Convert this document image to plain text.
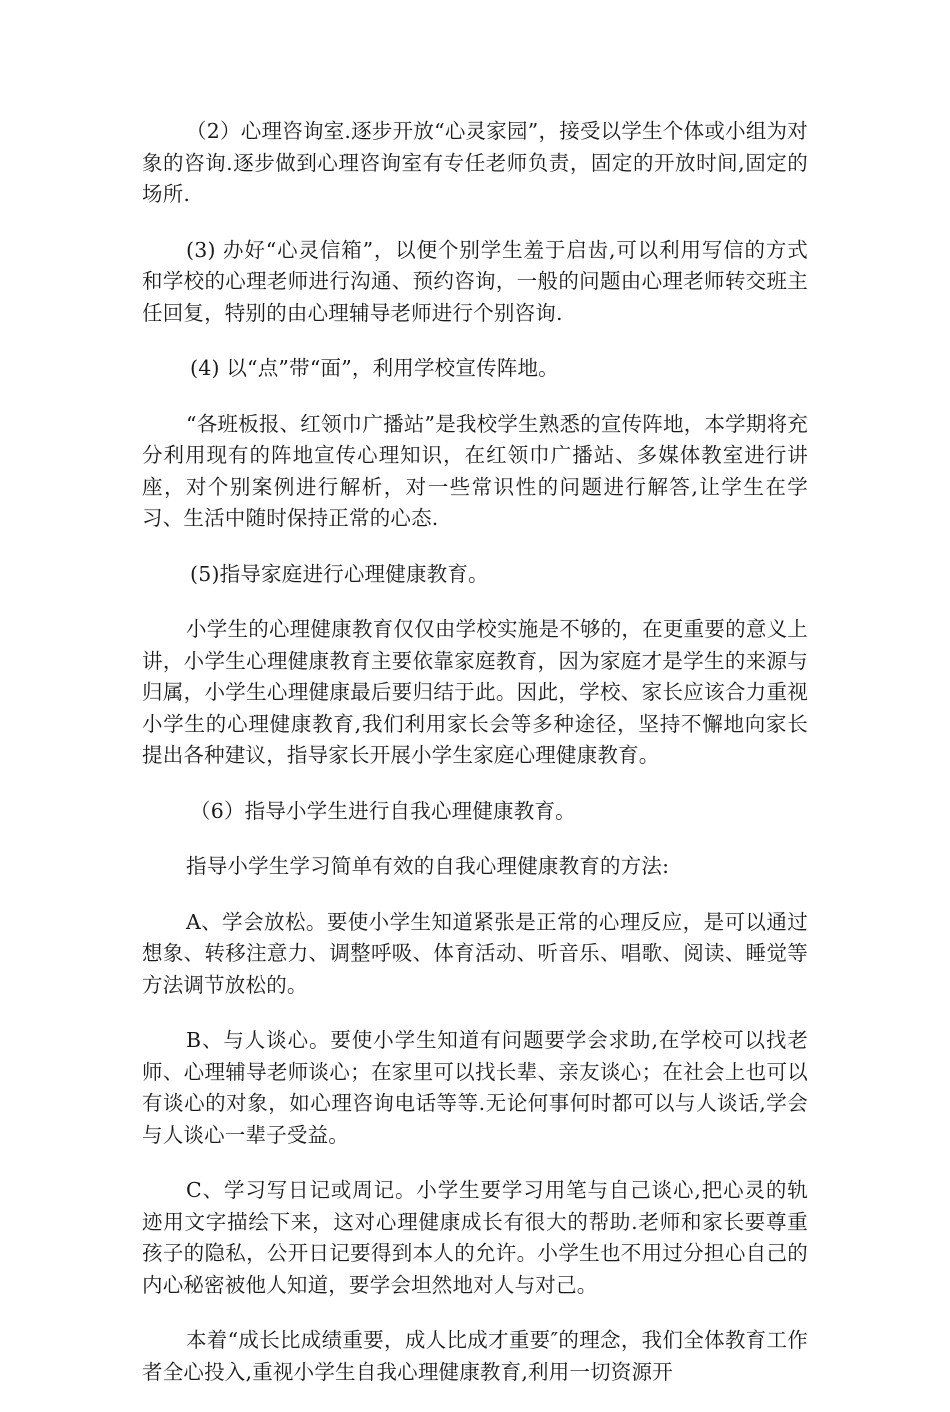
（2）心理咨询室.逐步开放“心灵家园”，接受以学生个体或小组为对象的咨询.逐步做到心理咨询室有专任老师负责，固定的开放时间,固定的场所.

(3) 办好“心灵信箱”，以便个别学生羞于启齿,可以利用写信的方式和学校的心理老师进行沟通、预约咨询，一般的问题由心理老师转交班主任回复，特别的由心理辅导老师进行个别咨询.

(4) 以“点”带“面”，利用学校宣传阵地。

“各班板报、红领巾广播站”是我校学生熟悉的宣传阵地，本学期将充分利用现有的阵地宣传心理知识，在红领巾广播站、多媒体教室进行讲座，对个别案例进行解析，对一些常识性的问题进行解答,让学生在学习、生活中随时保持正常的心态.

(5)指导家庭进行心理健康教育。

小学生的心理健康教育仅仅由学校实施是不够的，在更重要的意义上讲，小学生心理健康教育主要依靠家庭教育，因为家庭才是学生的来源与归属，小学生心理健康最后要归结于此。因此，学校、家长应该合力重视小学生的心理健康教育,我们利用家长会等多种途径，坚持不懈地向家长提出各种建议，指导家长开展小学生家庭心理健康教育。

（6）指导小学生进行自我心理健康教育。

指导小学生学习简单有效的自我心理健康教育的方法:

A、学会放松。要使小学生知道紧张是正常的心理反应，是可以通过想象、转移注意力、调整呼吸、体育活动、听音乐、唱歌、阅读、睡觉等方法调节放松的。

B、与人谈心。要使小学生知道有问题要学会求助,在学校可以找老师、心理辅导老师谈心；在家里可以找长辈、亲友谈心；在社会上也可以有谈心的对象，如心理咨询电话等等.无论何事何时都可以与人谈话,学会与人谈心一辈子受益。

C、学习写日记或周记。小学生要学习用笔与自己谈心,把心灵的轨迹用文字描绘下来，这对心理健康成长有很大的帮助.老师和家长要尊重孩子的隐私，公开日记要得到本人的允许。小学生也不用过分担心自己的内心秘密被他人知道，要学会坦然地对人与对己。

本着“成长比成绩重要，成人比成才重要″的理念，我们全体教育工作者全心投入,重视小学生自我心理健康教育,利用一切资源开
